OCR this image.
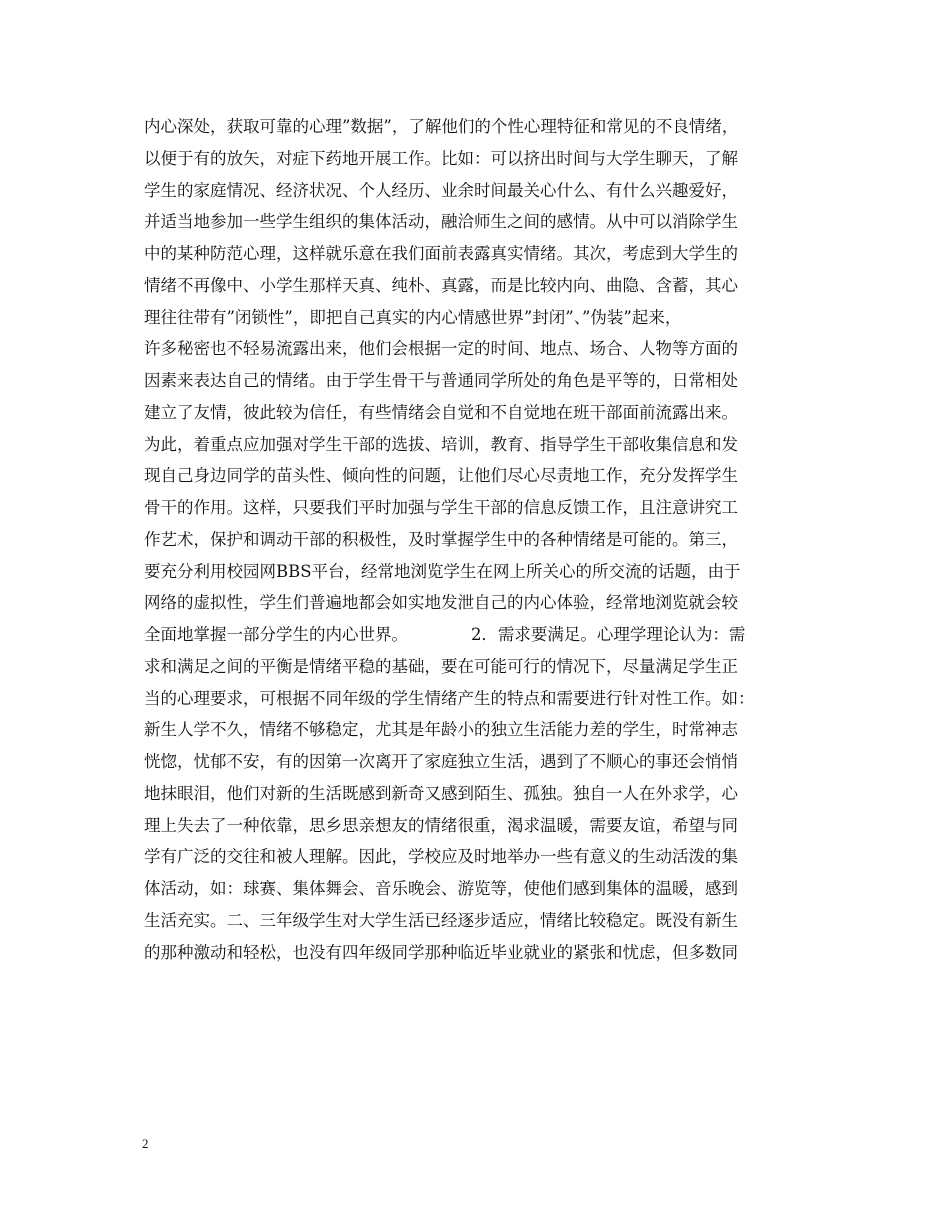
内心深处，获取可靠的心理”数据”，了解他们的个性心理特征和常见的不良情绪，
以便于有的放矢，对症下药地开展工作。比如：可以挤出时间与大学生聊天，了解
学生的家庭情况、经济状况、个人经历、业余时间最关心什么、有什么兴趣爱好，
并适当地参加一些学生组织的集体活动，融洽师生之间的感情。从中可以消除学生
中的某种防范心理，这样就乐意在我们面前表露真实情绪。其次，考虑到大学生的
情绪不再像中、小学生那样天真、纯朴、真露，而是比较内向、曲隐、含蓄，其心
理往往带有”闭锁性”，即把自己真实的内心情感世界”封闭”、”伪装”起来，
许多秘密也不轻易流露出来，他们会根据一定的时间、地点、场合、人物等方面的
因素来表达自己的情绪。由于学生骨干与普通同学所处的角色是平等的，日常相处
建立了友情，彼此较为信任，有些情绪会自觉和不自觉地在班干部面前流露出来。
为此，着重点应加强对学生干部的选拔、培训，教育、指导学生干部收集信息和发
现自己身边同学的苗头性、倾向性的问题，让他们尽心尽责地工作，充分发挥学生
骨干的作用。这样，只要我们平时加强与学生干部的信息反馈工作，且注意讲究工
作艺术，保护和调动干部的积极性，及时掌握学生中的各种情绪是可能的。第三，
要充分利用校园网BBS平台，经常地浏览学生在网上所关心的所交流的话题，由于
网络的虚拟性，学生们普遍地都会如实地发泄自己的内心体验，经常地浏览就会较
全面地掌握一部分学生的内心世界。            2．需求要满足。心理学理论认为：需
求和满足之间的平衡是情绪平稳的基础，要在可能可行的情况下，尽量满足学生正
当的心理要求，可根据不同年级的学生情绪产生的特点和需要进行针对性工作。如：
新生人学不久，情绪不够稳定，尤其是年龄小的独立生活能力差的学生，时常神志
恍惚，忧郁不安，有的因第一次离开了家庭独立生活，遇到了不顺心的事还会悄悄
地抹眼泪，他们对新的生活既感到新奇又感到陌生、孤独。独自一人在外求学，心
理上失去了一种依靠，思乡思亲想友的情绪很重，渴求温暖，需要友谊，希望与同
学有广泛的交往和被人理解。因此，学校应及时地举办一些有意义的生动活泼的集
体活动，如：球赛、集体舞会、音乐晚会、游览等，使他们感到集体的温暖，感到
生活充实。二、三年级学生对大学生活已经逐步适应，情绪比较稳定。既没有新生
的那种激动和轻松，也没有四年级同学那种临近毕业就业的紧张和忧虑，但多数同
2
